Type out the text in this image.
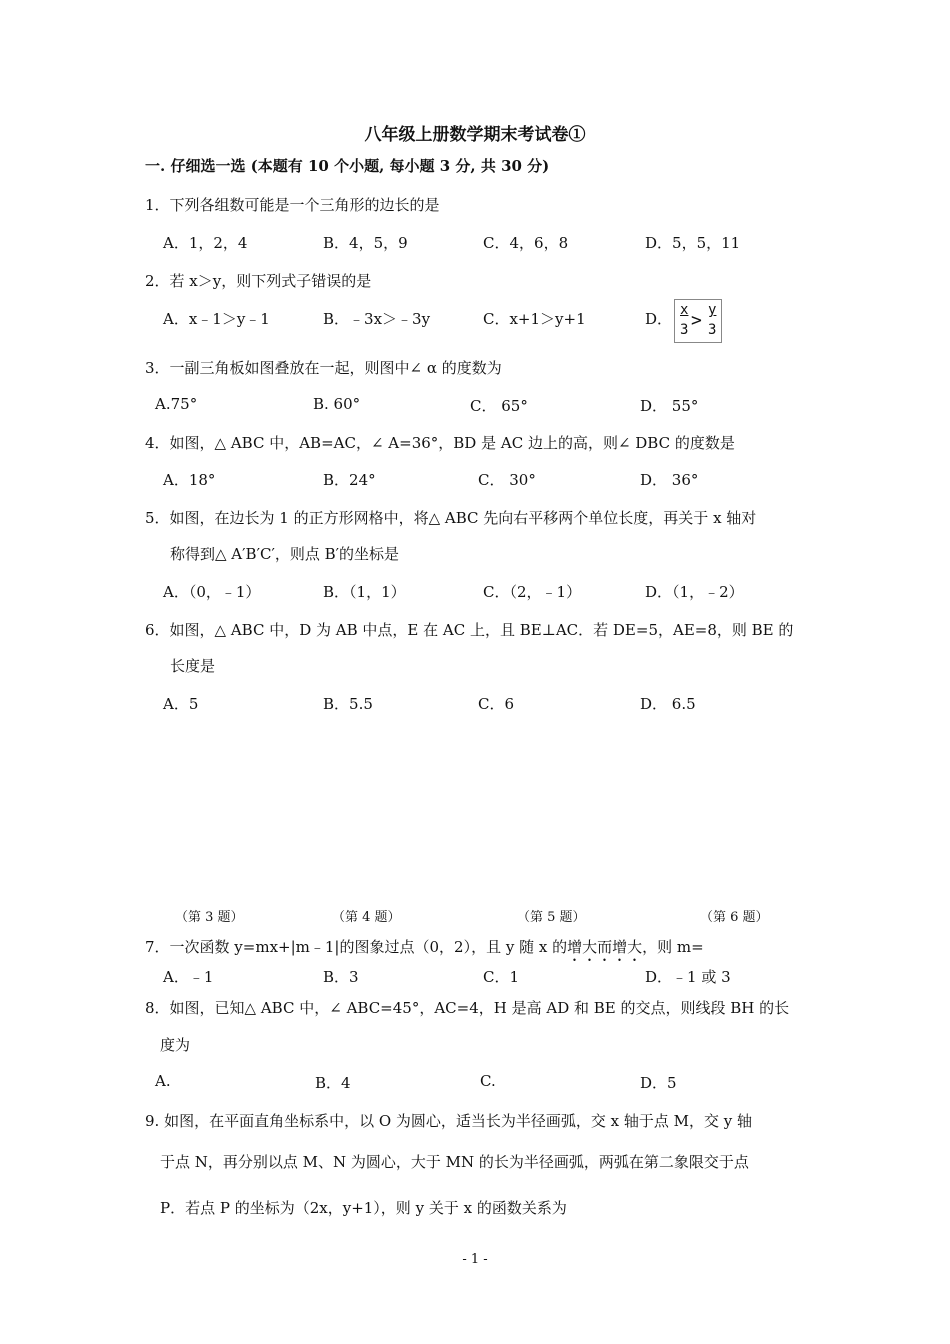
八年级上册数学期末考试卷①
一. 仔细选一选 (本题有 10 个小题, 每小题 3 分, 共 30 分)
1．下列各组数可能是一个三角形的边长的是
A．1，2，4	B．4，5，9	C．4，6，8	D．5，5，11
2．若 x＞y，则下列式子错误的是
A．x﹣1＞y﹣1	B．﹣3x＞﹣3y	C．x+1＞y+1	D． x
3 > y
3
3．一副三角板如图叠放在一起，则图中∠ α 的度数为
A.75°	B. 60°	C． 65°	D． 55°
4．如图，△ ABC 中，AB=AC，∠ A=36°，BD 是 AC 边上的高，则∠ DBC 的度数是
A．18°	B．24°	C． 30°	D． 36°
5．如图，在边长为 1 的正方形网格中，将△ ABC 先向右平移两个单位长度，再关于 x 轴对
称得到△ A′B′C′，则点 B′的坐标是
A．（0，﹣1）	B．（1，1）	C．（2，﹣1）	D．（1，﹣2）
6．如图，△ ABC 中，D 为 AB 中点，E 在 AC 上，且 BE⊥AC．若 DE=5，AE=8，则 BE 的
长度是
A．5	B．5.5	C．6	D． 6.5
（第 3 题）	（第 4 题）	（第 5 题）	（第 6 题）
7．一次函数 y=mx+|m﹣1|的图象过点（0，2），且 y 随 x 的增大而增大，则 m=
A．﹣1	B．3	C．1	D．﹣1 或 3
8．如图，已知△ ABC 中，∠ ABC=45°，AC=4，H 是高 AD 和 BE 的交点，则线段 BH 的长
度为
A.	B．4	C.	D．5
9. 如图，在平面直角坐标系中，以 O 为圆心，适当长为半径画弧，交 x 轴于点 M，交 y 轴
于点 N，再分别以点 M、N 为圆心，大于 MN 的长为半径画弧，两弧在第二象限交于点
P．若点 P 的坐标为（2x，y+1），则 y 关于 x 的函数关系为
- 1 -
